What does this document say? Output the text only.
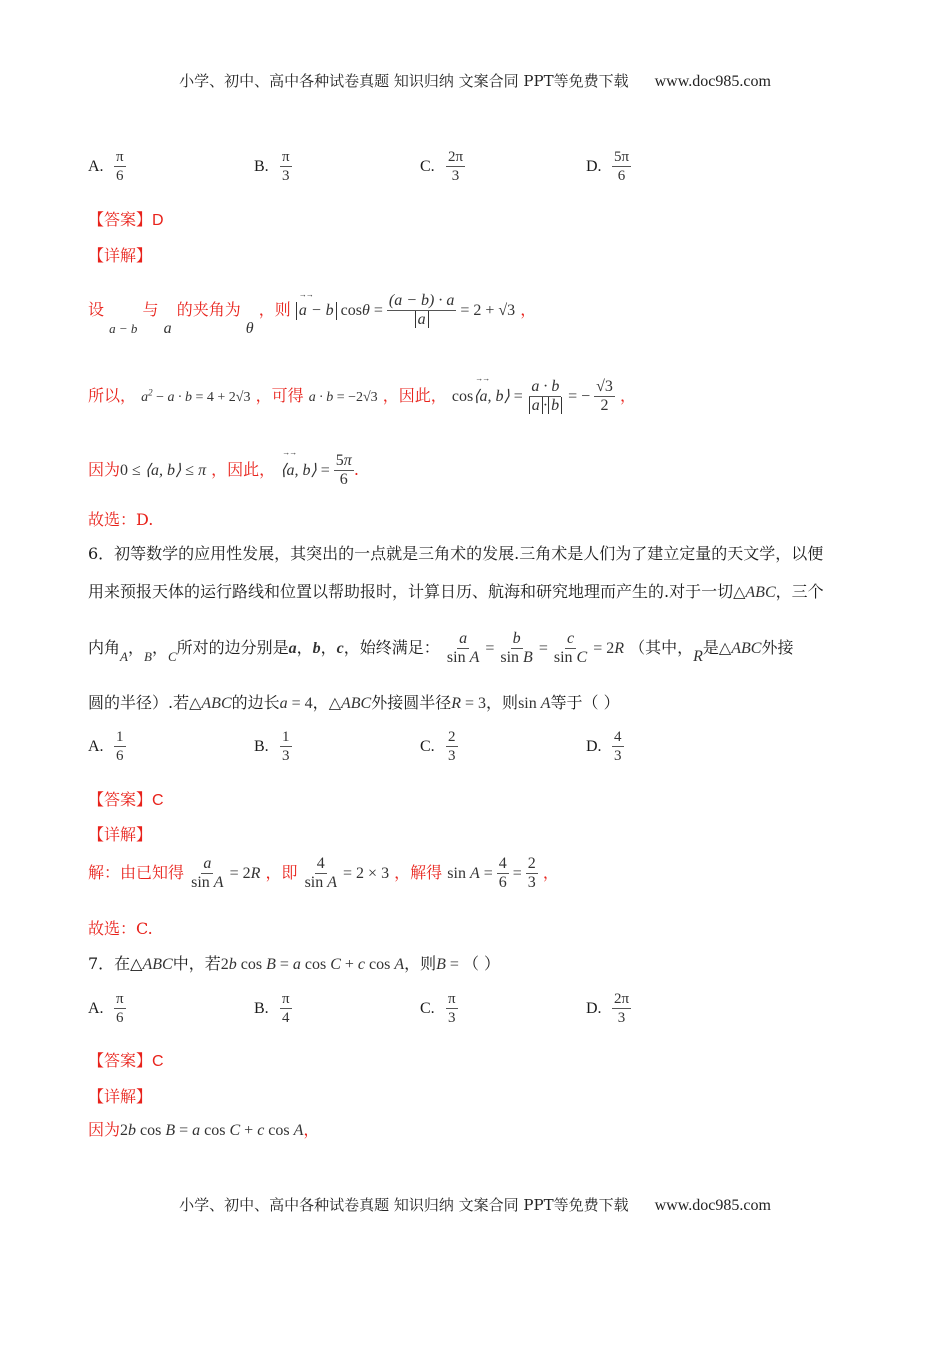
小学、初中、高中各种试卷真题 知识归纳 文案合同 PPT等免费下载 www.doc985.com
A. $\frac{\pi}{6}$	B. $\frac{\pi}{3}$	C. $\frac{2\pi}{3}$	D. $\frac{5\pi}{6}$
【答案】D
【详解】
设 $_{a - b}$ 与 a 的夹角为 θ ，则 →→ a − b $\cos\theta = \frac{(a - b) \cdot a}{a} = 2 + √3$ ，
所以， $a^2 - a \cdot b = 4 + 2√3$ ，可得 a · b = −2√3 ，因此， cos→→ ⟨a, b⟩ = $\frac{a \cdot b}{a \cdot b}$ = − $\frac{√3}{2}$ ，
因为0 ≤ ⟨a, b⟩ ≤ π ，因此， →→ ⟨a, b⟩ = $\frac{5\pi}{6}$ .
故选：D.
6．初等数学的应用性发展，其突出的一点就是三角术的发展.三角术是人们为了建立定量的天文学，以便
用来预报天体的运行路线和位置以帮助报时，计算日历、航海和研究地理而产生的.对于一切△ABC，三个
内角$_A$，$_B$，$_C$所对的边分别是a，b，c，始终满足： $\frac{a}{\text{sin A}} = \frac{b}{\text{sin B}} = \frac{c}{\text{sin C}} = 2R$ （其中，R是△ABC外接
圆的半径）.若△ABC的边长a = 4，△ABC外接圆半径R = 3，则sin A等于（ ）
A. $\frac{1}{6}$	B. $\frac{1}{3}$	C. $\frac{2}{3}$	D. $\frac{4}{3}$
【答案】C
【详解】
解：由已知得 $\frac{a}{\text{sin A}} = 2R$ ，即 $\frac{4}{\text{sin A}} = 2 \times 3$ ，解得 $\sin A = \frac{4}{6} = \frac{2}{3}$ ，
故选：C.
7．在△ABC中，若2b cos B = a cos C + c cos A，则B = （ ）
A. $\frac{\pi}{6}$	B. $\frac{\pi}{4}$	C. $\frac{\pi}{3}$	D. $\frac{2\pi}{3}$
【答案】C
【详解】
因为2b cos B = a cos C + c cos A，
小学、初中、高中各种试卷真题 知识归纳 文案合同 PPT等免费下载 www.doc985.com
